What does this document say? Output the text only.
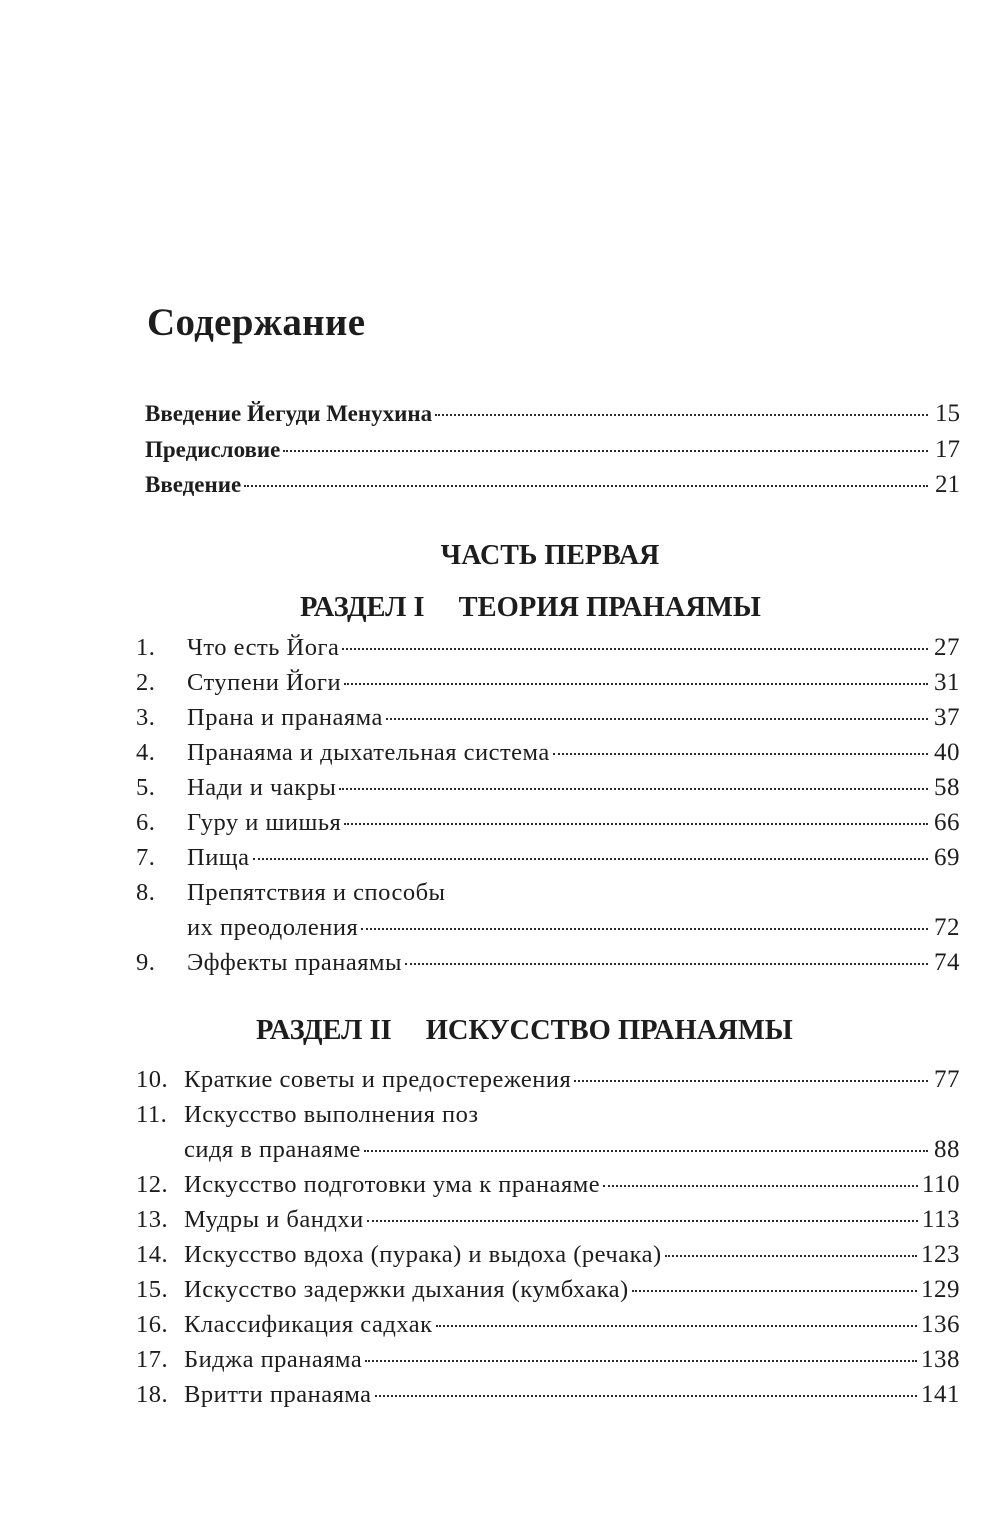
Содержание
Введение Йегуди Менухина	15
Предисловие	17
Введение	21
ЧАСТЬ ПЕРВАЯ
РАЗДЕЛ I ТЕОРИЯ ПРАНАЯМЫ
1.	Что есть Йога	27
2.	Ступени Йоги	31
3.	Прана и пранаяма	37
4.	Пранаяма и дыхательная система	40
5.	Нади и чакры	58
6.	Гуру и шишья	66
7.	Пища	69
8.	Препятствия и способы
их преодоления	72
9.	Эффекты пранаямы	74
РАЗДЕЛ II ИСКУССТВО ПРАНАЯМЫ
10. Краткие советы и предостережения	77
11. Искусство выполнения поз
сидя в пранаяме	88
12. Искусство подготовки ума к пранаяме	110
13. Мудры и бандхи	113
14. Искусство вдоха (пурака) и выдоха (речака)	123
15. Искусство задержки дыхания (кумбхака)	129
16. Классификация садхак	136
17. Биджа пранаяма	138
18. Вритти пранаяма	141
